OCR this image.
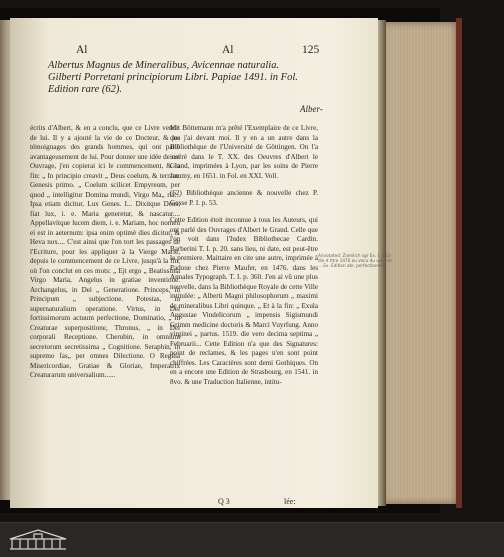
Al	Al	125
Albertus Magnus de Mineralibus, Avicennae naturalia.
Gilberti Porretani principiorum Libri. Papiae 1491. in Fol.
Edition rare (62).
Alber-

écrits d'Albert, & en a conclu, que ce Livre venoit de lui. Il y a ajouté la vie de ce Docteur, & les témoignages des grands hommes, qui ont parlé avantageusement de lui. Pour donner une idée de cet Ouvrage, j'en copierai ici le commencement, & la fin: „ In principio creavit „ Deus coelum, & terram. Genesis primo. „ Coelum scilicet Empyreum, per quod „ intelligitur Domina mundi, Virgo Ma„ ria... Ipsa etiam dicitur, Lux Genes. I... Dixitque Deus, fiat lux, i. e. Maria generetur, & nascatur.... Appellavitque lucem diem, i. e. Mariam, hoc nomen ei est in aeternum: ipsa enim optimè dies dicitur, & Heva nox.... C'est ainsi que l'on tort les passages de l'Ecriture, pour les appliquer à la Vierge Marie, depuis le commencement de ce Livre, jusqu'à la fin, où l'on conclut en ces mots: „ Ejt ergo „ Beatissima Virgo Maria, Angelus in gratiae inventione. Archangelus, in Dei „ Generatione. Princeps, in Principum „ subjectione. Potestas, in supernaturalium operatione. Virtus, in Dei fortissimorum actuum perfectione, Dominatio, „ in Creaturae superpositione, Thronus, „ in Dei corporali Receptione. Cherubin, in omnium secretorum secretissima „ Cognitione. Seraphin, in supremo fas„ per omnes Dilectione. O Regina Misericordiae, Gratiae & Gloriae, Imperatrix Creaturarum universalium......

Mr. Böttemann m'a prêté l'Exemplaire de ce Livre, que j'ai devant moi. Il y en a un autre dans la Bibliothèque de l'Université de Göttingen. On l'a inséré dans le T. XX. des Oeuvres d'Albert le Grand, imprimées à Lyon, par les soins de Pierre Jammy, en 1651. in Fol. en XXI. Voll.

(62) Bibliothèque ancienne & nouvelle chez P. Gosse P. I. p. 53.

Cette Edition étoit inconnue à tous les Auteurs, qui ont parlé des Ouvrages d'Albert le Grand. Celle que l'on voit dans l'Index Bibliothecae Cardin. Barberini T. I. p. 20. sans lieu, ni date, est peut-être la premiere. Maittaire en cite une autre, imprimée à Padoue chez Pierre Maufer, en 1476. dans les Annales Typograph. T. I. p. 360. J'en ai vû une plus nouvelle, dans la Bibliothèque Royale de cette Ville intitulée: „ Alberti Magni philosophorum „ maximi de mineralibus Libri quinque. „ Et à la fin: „ Exula Augustae Vindelicorum „ impensis Sigismundi Grimm medicine doctoris & Marci Vuyrfung. Anno virginei „ partus. 1519. die vero decima septima „ Februarii... Cette Edition n'a que des Signatures: point de reclames, & les pages n'en sont point chiffrées. Les Caractères sont demi Gothiques. On en a encore une Edition de Strasbourg, en 1541. in 8vo. & une Traduction Italienne, intitu-

Annotated: Ziemlich sgr Ex. I. p 53 die d titre 1476 au vecu du volume ... Ex. Edition abr. perfectionnée
Q 3	lée:
